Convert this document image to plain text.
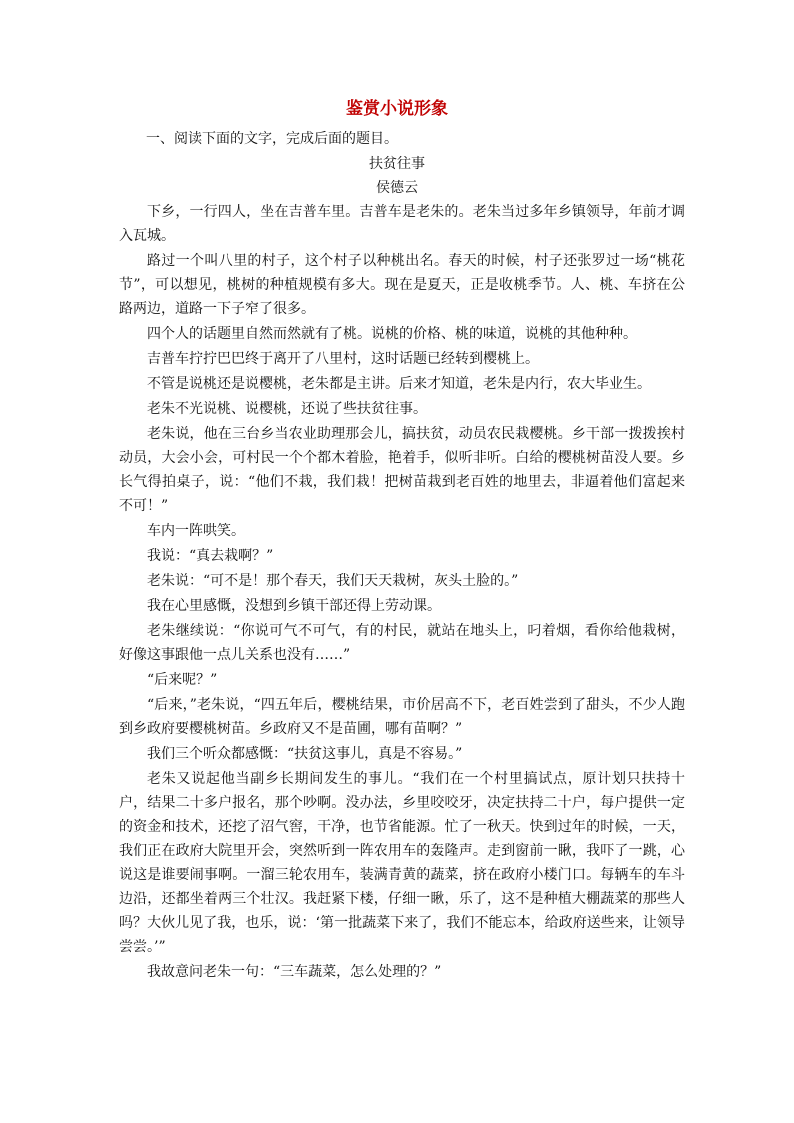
鉴赏小说形象
一、阅读下面的文字，完成后面的题目。
扶贫往事
侯德云

下乡，一行四人，坐在吉普车里。吉普车是老朱的。老朱当过多年乡镇领导，年前才调入瓦城。

路过一个叫八里的村子，这个村子以种桃出名。春天的时候，村子还张罗过一场“桃花节”，可以想见，桃树的种植规模有多大。现在是夏天，正是收桃季节。人、桃、车挤在公路两边，道路一下子窄了很多。

四个人的话题里自然而然就有了桃。说桃的价格、桃的味道，说桃的其他种种。

吉普车拧拧巴巴终于离开了八里村，这时话题已经转到樱桃上。

不管是说桃还是说樱桃，老朱都是主讲。后来才知道，老朱是内行，农大毕业生。

老朱不光说桃、说樱桃，还说了些扶贫往事。

老朱说，他在三台乡当农业助理那会儿，搞扶贫，动员农民栽樱桃。乡干部一拨拨挨村动员，大会小会，可村民一个个都木着脸，艳着手，似听非听。白给的樱桃树苗没人要。乡长气得拍桌子，说：“他们不栽，我们栽！把树苗栽到老百姓的地里去，非逼着他们富起来不可！”

车内一阵哄笑。

我说：“真去栽啊？”

老朱说：“可不是！那个春天，我们天天栽树，灰头土脸的。”

我在心里感慨，没想到乡镇干部还得上劳动课。

老朱继续说：“你说可气不可气，有的村民，就站在地头上，叼着烟，看你给他栽树，好像这事跟他一点儿关系也没有……”

“后来呢？”

“后来，”老朱说，“四五年后，樱桃结果，市价居高不下，老百姓尝到了甜头，不少人跑到乡政府要樱桃树苗。乡政府又不是苗圃，哪有苗啊？”

我们三个听众都感慨：“扶贫这事儿，真是不容易。”

老朱又说起他当副乡长期间发生的事儿。“我们在一个村里搞试点，原计划只扶持十户，结果二十多户报名，那个吵啊。没办法，乡里咬咬牙，决定扶持二十户，每户提供一定的资金和技术，还挖了沼气窖，干净，也节省能源。忙了一秋天。快到过年的时候，一天，我们正在政府大院里开会，突然听到一阵农用车的轰隆声。走到窗前一瞅，我吓了一跳，心说这是谁要闹事啊。一溜三轮农用车，装满青黄的蔬菜，挤在政府小楼门口。每辆车的车斗边沿，还都坐着两三个壮汉。我赶紧下楼，仔细一瞅，乐了，这不是种植大棚蔬菜的那些人吗？大伙儿见了我，也乐，说：‘第一批蔬菜下来了，我们不能忘本，给政府送些来，让领导尝尝。’”

我故意问老朱一句：“三车蔬菜，怎么处理的？”
